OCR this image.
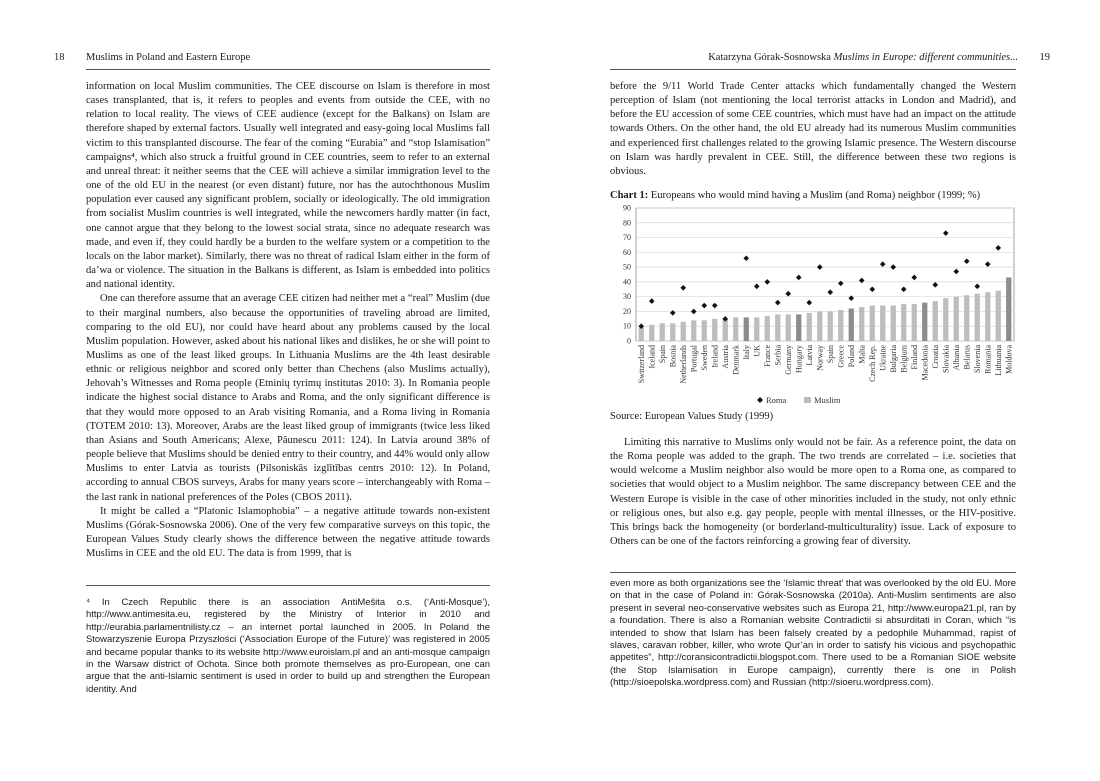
18 Muslims in Poland and Eastern Europe

information on local Muslim communities. The CEE discourse on Islam is therefore in most cases transplanted, that is, it refers to peoples and events from outside the CEE, with no relation to local reality. The views of CEE audience (except for the Balkans) on Islam are therefore shaped by external factors. Usually well integrated and easy-going local Muslims fall victim to this transplanted discourse. The fear of the coming “Eurabia” and “stop Islamisation” campaigns⁴, which also struck a fruitful ground in CEE countries, seem to refer to an external and unreal threat: it neither seems that the CEE will achieve a similar immigration level to the one of the old EU in the nearest (or even distant) future, nor has the autochthonous Muslim population ever caused any significant problem, socially or ideologically. The old immigration from socialist Muslim countries is well integrated, while the newcomers hardly matter (in fact, one cannot argue that they belong to the lowest social strata, since no adequate research was made, and even if, they could hardly be a burden to the welfare system or a competition to the locals on the labor market). Similarly, there was no threat of radical Islam either in the form of da’wa or violence. The situation in the Balkans is different, as Islam is embedded into politics and national identity.

One can therefore assume that an average CEE citizen had neither met a “real” Muslim (due to their marginal numbers, also because the opportunities of traveling abroad are limited, comparing to the old EU), nor could have heard about any problems caused by the local Muslim population. However, asked about his national likes and dislikes, he or she will point to Muslims as one of the least liked groups. In Lithuania Muslims are the 4th least desirable ethnic or religious neighbor and scored only better than Chechens (also Muslims actually), Jehovah’s Witnesses and Roma people (Etninių tyrimų institutas 2010: 3). In Romania people indicate the highest social distance to Arabs and Roma, and the only significant difference is that they would more opposed to an Arab visiting Romania, and a Roma living in Romania (TOTEM 2010: 13). Moreover, Arabs are the least liked group of immigrants (twice less liked than Asians and South Americans; Alexe, Păunescu 2011: 124). In Latvia around 38% of people believe that Muslims should be denied entry to their country, and 44% would only allow Muslims to enter Latvia as tourists (Pilsoniskās izglītības centrs 2010: 12). In Poland, according to annual CBOS surveys, Arabs for many years score – interchangeably with Roma – the last rank in national preferences of the Poles (CBOS 2011).

It might be called a “Platonic Islamophobia” – a negative attitude towards non-existent Muslims (Górak-Sosnowska 2006). One of the very few comparative surveys on this topic, the European Values Study clearly shows the difference between the negative attitude towards Muslims in CEE and the old EU. The data is from 1999, that is

⁴ In Czech Republic there is an association AntiMešita o.s. (‘Anti-Mosque’), http://www.antimesita.eu, registered by the Ministry of Interior in 2010 and http://eurabia.parlamentnilisty.cz – an internet portal launched in 2005. In Poland the Stowarzyszenie Europa Przyszłości (‘Association Europe of the Future)’ was registered in 2005 and became popular thanks to its website http://www.euroislam.pl and an anti-mosque campaign in the Warsaw district of Ochota. Since both promote themselves as pro-European, one can argue that the anti-Islamic sentiment is used in order to build up and strengthen the European identity. And
Katarzyna Górak-Sosnowska Muslims in Europe: different communities... 19

before the 9/11 World Trade Center attacks which fundamentally changed the Western perception of Islam (not mentioning the local terrorist attacks in London and Madrid), and before the EU accession of some CEE countries, which must have had an impact on the attitude towards Others. On the other hand, the old EU already had its numerous Muslim communities and experienced first challenges related to the growing Islamic presence. The Western discourse on Islam was hardly prevalent in CEE. Still, the difference between these two regions is obvious.

Chart 1: Europeans who would mind having a Muslim (and Roma) neighbor (1999; %)
0
10
20
30
40
50
60
70
80
90
Switzerland Iceland Spain Bosnia Netherlands Portugal Sweden Ireland Austria Denmark Italy UK France Serbia Germany Hungary Latvia Norway Spain Greece Poland Malta Czech Rep. Ukraine Bulgaria Belgium Finland Macedonia Croatia Slovakia Albania Belarus Slovenia Romania Lithuania Moldova
Roma	Muslim
Source: European Values Study (1999)

Limiting this narrative to Muslims only would not be fair. As a reference point, the data on the Roma people was added to the graph. The two trends are correlated – i.e. societies that would welcome a Muslim neighbor also would be more open to a Roma one, as compared to societies that would object to a Muslim neighbor. The same discrepancy between CEE and the Western Europe is visible in the case of other minorities included in the study, not only ethnic or religious ones, but also e.g. gay people, people with mental illnesses, or the HIV-positive. This brings back the homogeneity (or borderland-multiculturality) issue. Lack of exposure to Others can be one of the factors reinforcing a growing fear of diversity.

even more as both organizations see the ‘Islamic threat’ that was overlooked by the old EU. More on that in the case of Poland in: Górak-Sosnowska (2010a). Anti-Muslim sentiments are also present in several neo-conservative websites such as Europa 21, http://www.europa21.pl, ran by a foundation. There is also a Romanian website Contradictii si absurditati in Coran, which “is intended to show that Islam has been falsely created by a pedophile Muhammad, rapist of slaves, caravan robber, killer, who wrote Qur’an in order to satisfy his vicious and psychopathic appetites”, http://coransicontradictii.blogspot.com. There used to be a Romanian SIOE website (the Stop Islamisation in Europe campaign), currently there is one in Polish (http://sioepolska.wordpress.com) and Russian (http://sioeru.wordpress.com).
